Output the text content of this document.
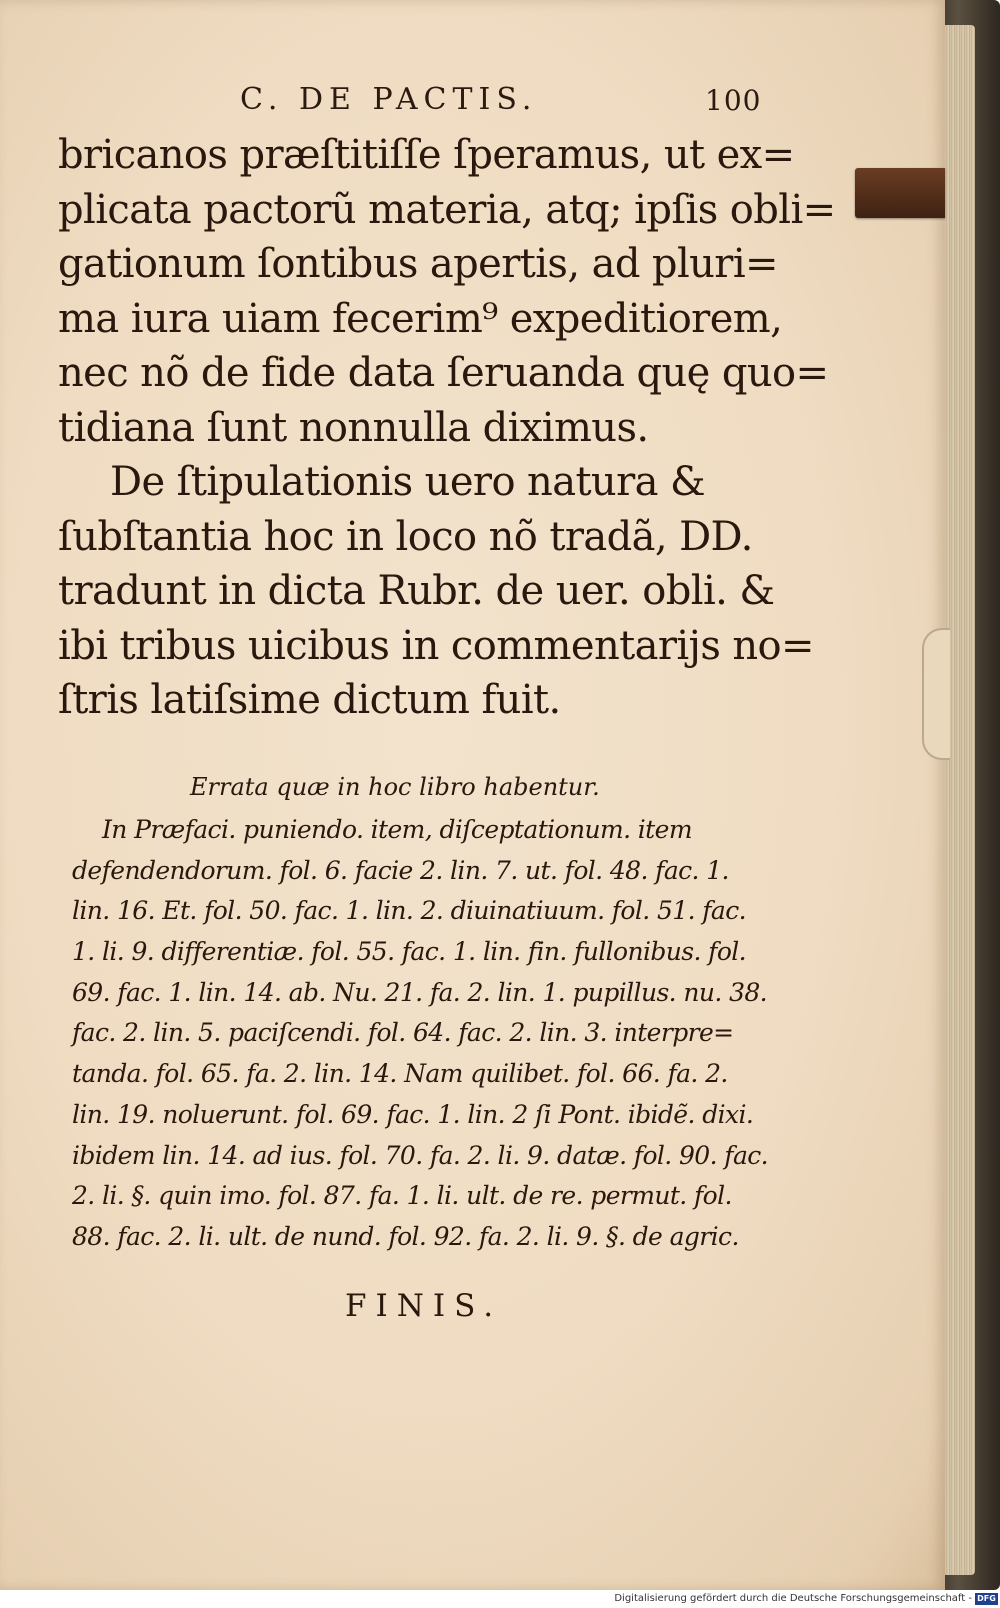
C. DE PACTIS.	100
bricanos præſtitiſſe ſperamus, ut ex=
plicata pactorũ materia, atq; ipſis obli=
gationum ſontibus apertis, ad pluri=
ma iura uiam fecerim⁹ expeditiorem,
nec nõ de fide data ſeruanda quę quo=
tidiana ſunt nonnulla diximus.
De ſtipulationis uero natura &
ſubſtantia hoc in loco nõ tradã, DD.
tradunt in dicta Rubr. de uer. obli. &
ibi tribus uicibus in commentarijs no=
ſtris latiſsime dictum fuit.
Errata quæ in hoc libro habentur.
In Præfaci. puniendo. item, diſceptationum. item
defendendorum. fol. 6. facie 2. lin. 7. ut. fol. 48. fac. 1.
lin. 16. Et. fol. 50. fac. 1. lin. 2. diuinatiuum. fol. 51. fac.
1. li. 9. differentiæ. fol. 55. fac. 1. lin. fin. fullonibus. fol.
69. fac. 1. lin. 14. ab. Nu. 21. fa. 2. lin. 1. pupillus. nu. 38.
fac. 2. lin. 5. paciſcendi. fol. 64. fac. 2. lin. 3. interpre=
tanda. fol. 65. fa. 2. lin. 14. Nam quilibet. fol. 66. fa. 2.
lin. 19. noluerunt. fol. 69. fac. 1. lin. 2 ſi Pont. ibidẽ. dixi.
ibidem lin. 14. ad ius. fol. 70. fa. 2. li. 9. datæ. fol. 90. fac.
2. li. §. quin imo. fol. 87. fa. 1. li. ult. de re. permut. fol.
88. fac. 2. li. ult. de nund. fol. 92. fa. 2. li. 9. §. de agric.
FINIS.
Digitalisierung gefördert durch die Deutsche Forschungsgemeinschaft - DFG
